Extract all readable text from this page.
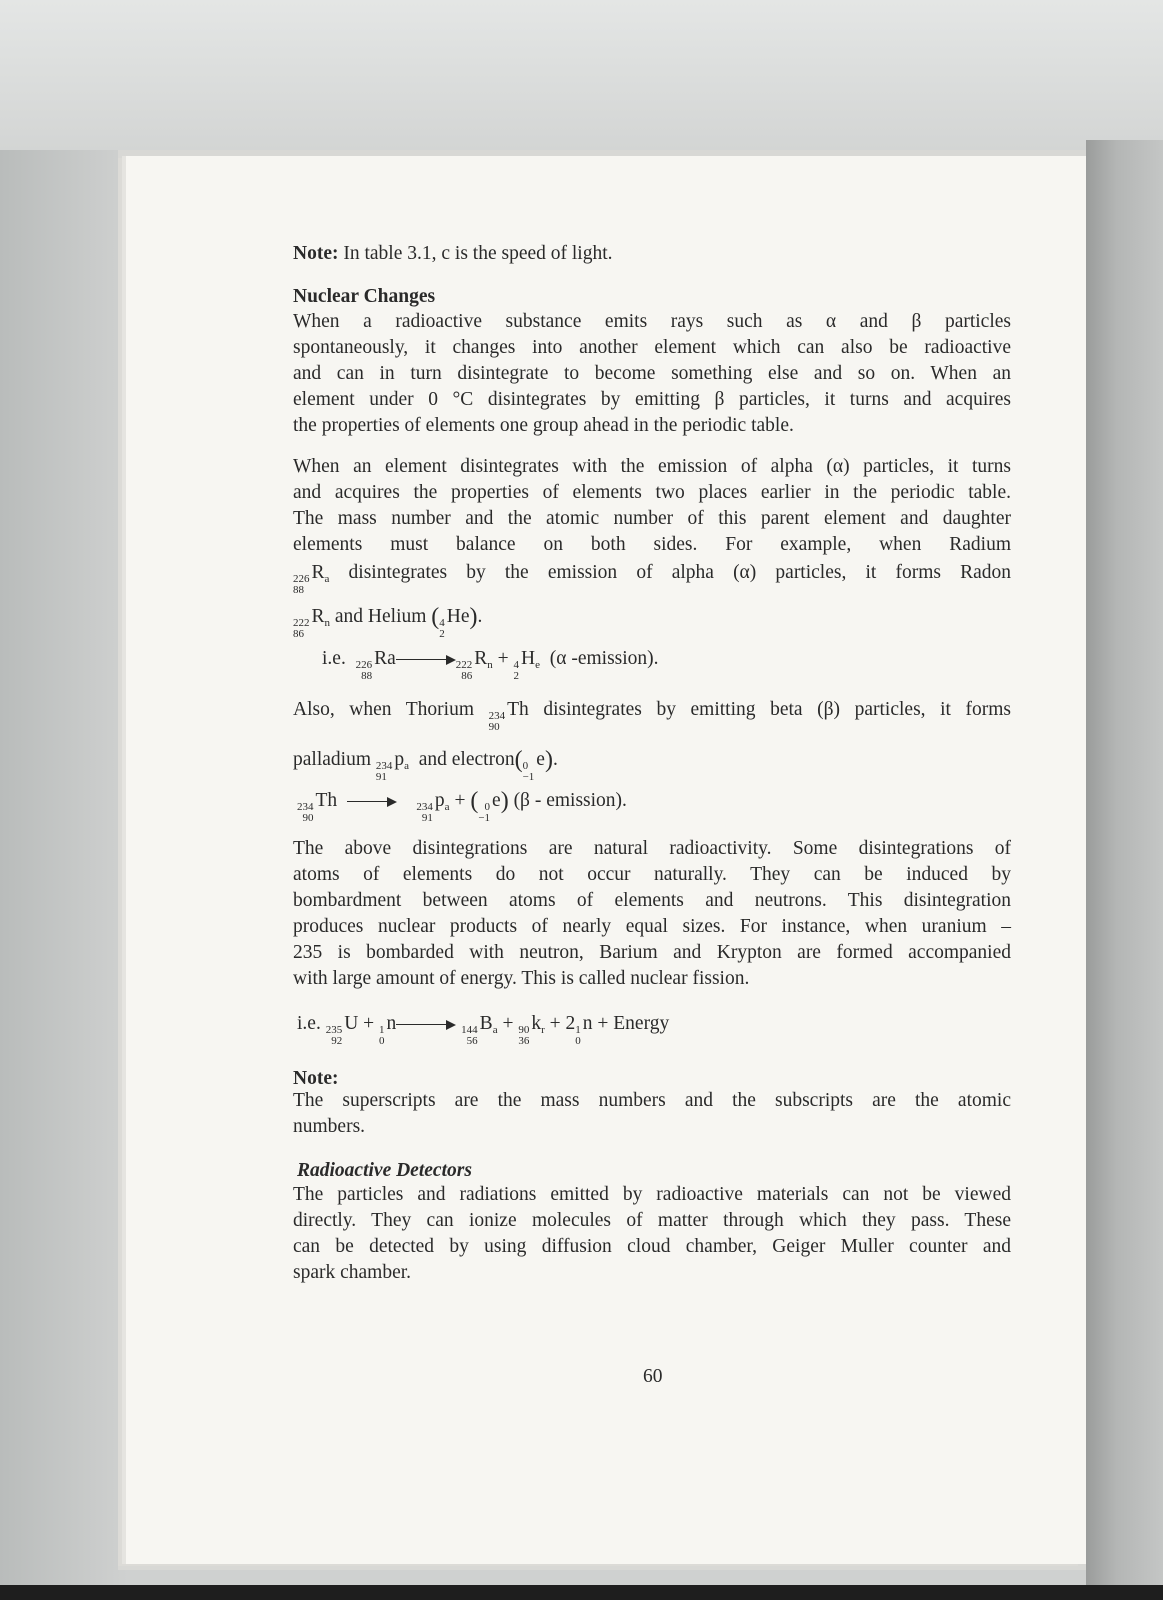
Note: In table 3.1, c is the speed of light.
Nuclear Changes
When a radioactive substance emits rays such as α and β particles
spontaneously, it changes into another element which can also be radioactive
and can in turn disintegrate to become something else and so on. When an
element under 0 °C disintegrates by emitting β particles, it turns and acquires
the properties of elements one group ahead in the periodic table.
When an element disintegrates with the emission of alpha (α) particles, it turns
and acquires the properties of elements two places earlier in the periodic table.
The mass number and the atomic number of this parent element and daughter
elements must balance on both sides. For example, when Radium
226
88
$R_a$ disintegrates by the emission of alpha (α) particles, it forms Radon
222
86
$R_n$ and Helium ( 4
2
He).
i.e. 226
88
Ra	222
86
$R_n + 4$
2
$H_e$ (α -emission).
Also, when Thorium 234
90
Th disintegrates by emitting beta (β) particles, it forms
palladium 234
91
$p_a$ and electron( 0
−1
e).
234
90
Th	234
91
$p_a$ + ( 0
−1
e) (β - emission).
The above disintegrations are natural radioactivity. Some disintegrations of
atoms of elements do not occur naturally. They can be induced by
bombardment between atoms of elements and neutrons. This disintegration
produces nuclear products of nearly equal sizes. For instance, when uranium –
235 is bombarded with neutron, Barium and Krypton are formed accompanied
with large amount of energy. This is called nuclear fission.
i.e. 235
92
U + 1
0
n	144
56
$B_a + 90$
36
$k_r + 2$ 1
0
n + Energy
Note:
The superscripts are the mass numbers and the subscripts are the atomic
numbers.
Radioactive Detectors
The particles and radiations emitted by radioactive materials can not be viewed
directly. They can ionize molecules of matter through which they pass. These
can be detected by using diffusion cloud chamber, Geiger Muller counter and
spark chamber.
60
